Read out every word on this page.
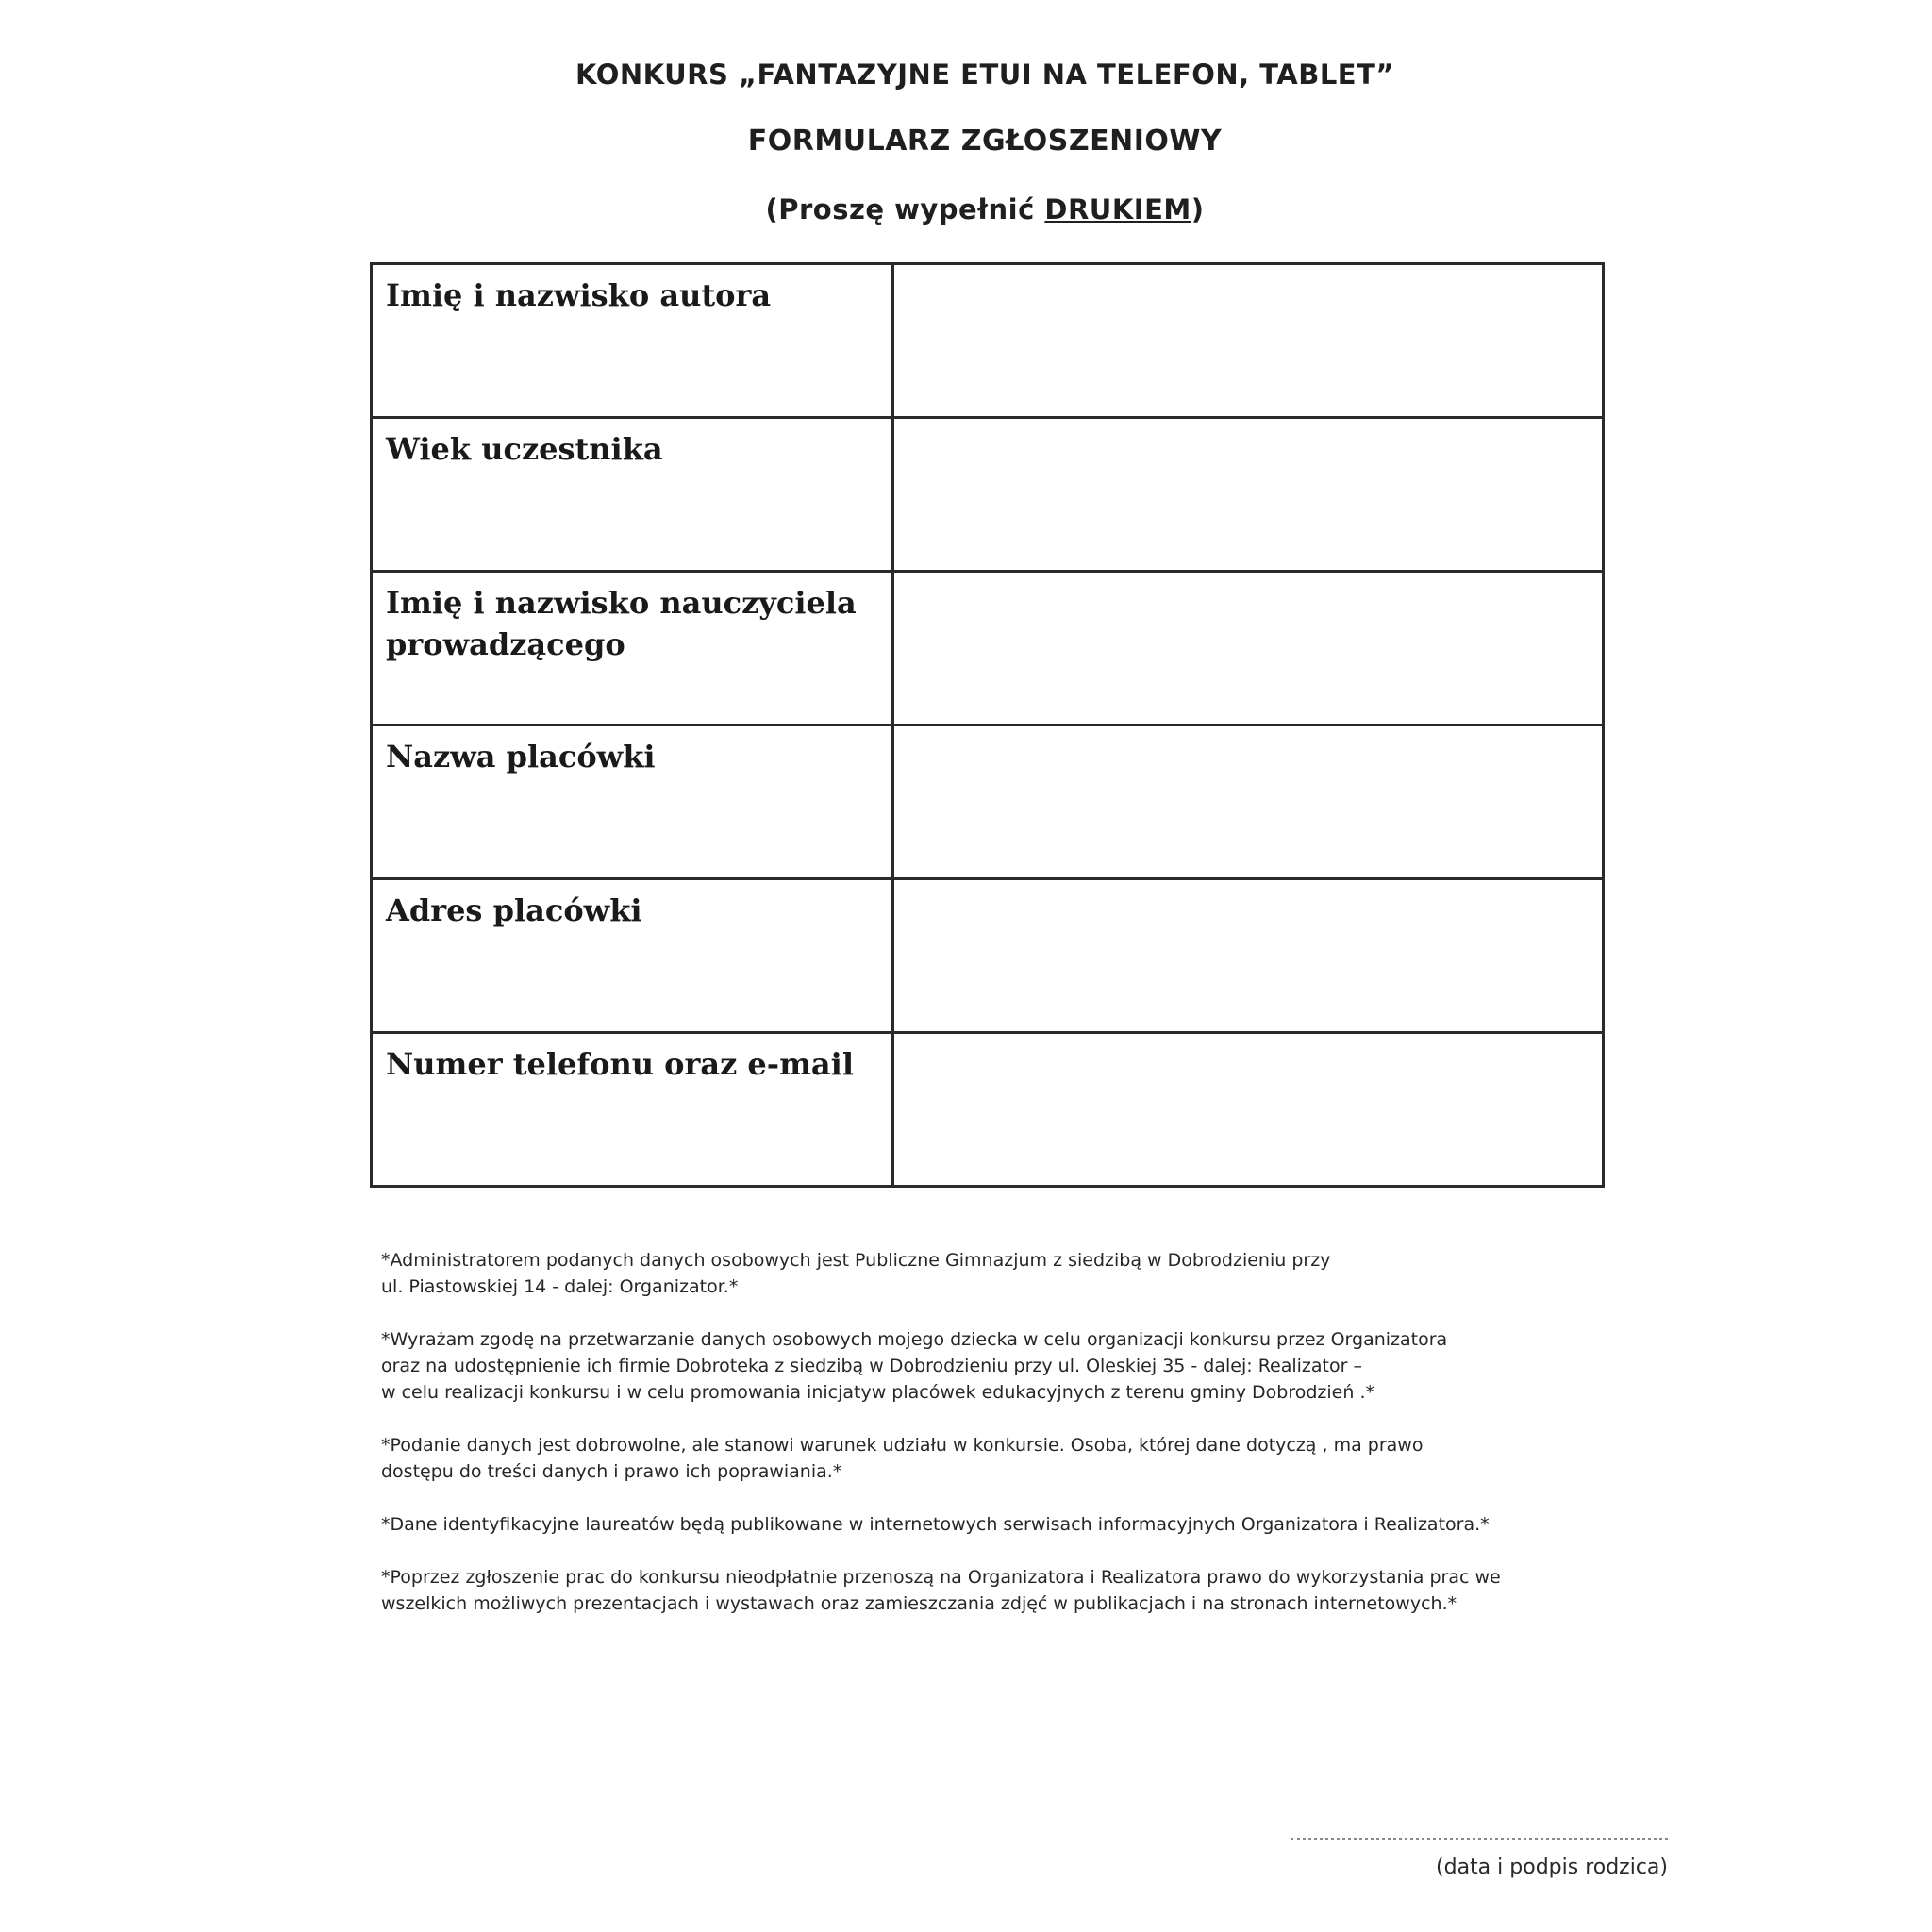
KONKURS „FANTAZYJNE ETUI NA TELEFON, TABLET”
FORMULARZ ZGŁOSZENIOWY
(Proszę wypełnić DRUKIEM)
Imię i nazwisko autora	

Wiek uczestnika	

Imię i nazwisko nauczyciela prowadzącego	

Nazwa placówki	

Adres placówki	

Numer telefonu oraz e-mail	

*Administratorem podanych danych osobowych jest Publiczne Gimnazjum z siedzibą w Dobrodzieniu przy
ul. Piastowskiej 14 - dalej: Organizator.*

*Wyrażam zgodę na przetwarzanie danych osobowych mojego dziecka w celu organizacji konkursu przez Organizatora
oraz na udostępnienie ich firmie Dobroteka z siedzibą w Dobrodzieniu przy ul. Oleskiej 35 - dalej: Realizator –
w celu realizacji konkursu i w celu promowania inicjatyw placówek edukacyjnych z terenu gminy Dobrodzień .*

*Podanie danych jest dobrowolne, ale stanowi warunek udziału w konkursie. Osoba, której dane dotyczą , ma prawo
dostępu do treści danych i prawo ich poprawiania.*

*Dane identyfikacyjne laureatów będą publikowane w internetowych serwisach informacyjnych Organizatora i Realizatora.*

*Poprzez zgłoszenie prac do konkursu nieodpłatnie przenoszą na Organizatora i Realizatora prawo do wykorzystania prac we
wszelkich możliwych prezentacjach i wystawach oraz zamieszczania zdjęć w publikacjach i na stronach internetowych.*

(data i podpis rodzica)
